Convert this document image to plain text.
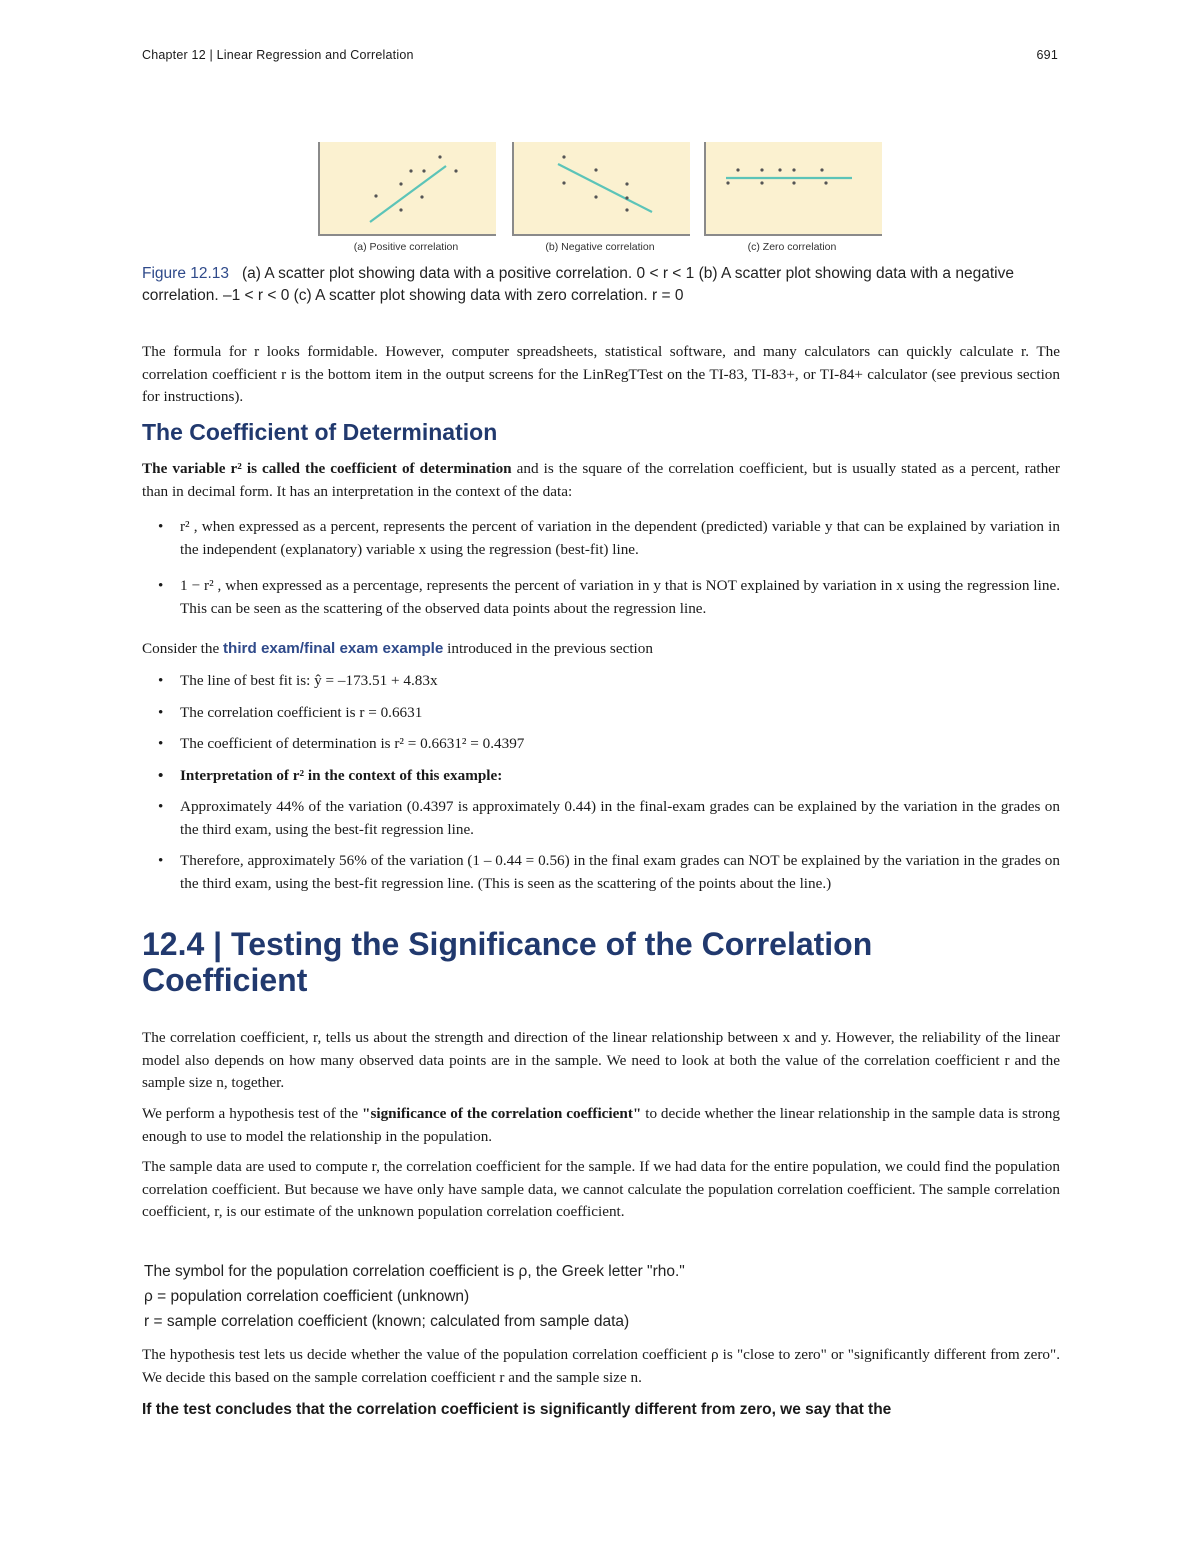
Chapter 12 | Linear Regression and Correlation	691
(a) Positive correlation	(b) Negative correlation	(c) Zero correlation
Figure 12.13 (a) A scatter plot showing data with a positive correlation. 0 < r < 1 (b) A scatter plot showing data with a negative correlation. –1 < r < 0 (c) A scatter plot showing data with zero correlation. r = 0

The formula for r looks formidable. However, computer spreadsheets, statistical software, and many calculators can quickly calculate r. The correlation coefficient r is the bottom item in the output screens for the LinRegTTest on the TI-83, TI-83+, or TI-84+ calculator (see previous section for instructions).

The Coefficient of Determination

The variable r² is called the coefficient of determination and is the square of the correlation coefficient, but is usually stated as a percent, rather than in decimal form. It has an interpretation in the context of the data:

• r² , when expressed as a percent, represents the percent of variation in the dependent (predicted) variable y that can be explained by variation in the independent (explanatory) variable x using the regression (best-fit) line.
• 1 − r² , when expressed as a percentage, represents the percent of variation in y that is NOT explained by variation in x using the regression line. This can be seen as the scattering of the observed data points about the regression line.

Consider the third exam/final exam example introduced in the previous section

• The line of best fit is: ŷ = –173.51 + 4.83x
• The correlation coefficient is r = 0.6631
• The coefficient of determination is r² = 0.6631² = 0.4397
• Interpretation of r² in the context of this example:
• Approximately 44% of the variation (0.4397 is approximately 0.44) in the final-exam grades can be explained by the variation in the grades on the third exam, using the best-fit regression line.
• Therefore, approximately 56% of the variation (1 – 0.44 = 0.56) in the final exam grades can NOT be explained by the variation in the grades on the third exam, using the best-fit regression line. (This is seen as the scattering of the points about the line.)
12.4 | Testing the Significance of the Correlation
Coefficient

The correlation coefficient, r, tells us about the strength and direction of the linear relationship between x and y. However, the reliability of the linear model also depends on how many observed data points are in the sample. We need to look at both the value of the correlation coefficient r and the sample size n, together.

We perform a hypothesis test of the "significance of the correlation coefficient" to decide whether the linear relationship in the sample data is strong enough to use to model the relationship in the population.

The sample data are used to compute r, the correlation coefficient for the sample. If we had data for the entire population, we could find the population correlation coefficient. But because we have only have sample data, we cannot calculate the population correlation coefficient. The sample correlation coefficient, r, is our estimate of the unknown population correlation coefficient.

The symbol for the population correlation coefficient is ρ, the Greek letter "rho."
ρ = population correlation coefficient (unknown)
r = sample correlation coefficient (known; calculated from sample data)

The hypothesis test lets us decide whether the value of the population correlation coefficient ρ is "close to zero" or "significantly different from zero". We decide this based on the sample correlation coefficient r and the sample size n.

If the test concludes that the correlation coefficient is significantly different from zero, we say that the
